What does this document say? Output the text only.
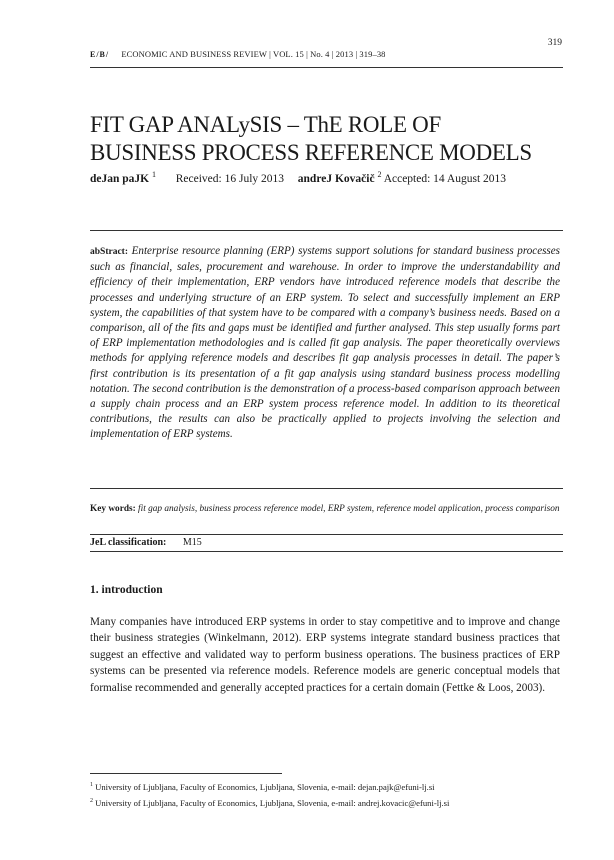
319
E/B/ ECONOMIC AND BUSINESS REVIEW | VOL. 15 | No. 4 | 2013 | 319–38
FIT GAP ANALySIS – ThE ROLE OF
BUSINESS PROCESS REFERENCE MODELS
deJan paJK $^1$ Received: 16 July 2013 andreJ Kovačič $^2$ Accepted: 14 August 2013
abStract: Enterprise resource planning (ERP) systems support solutions for standard business processes such as financial, sales, procurement and warehouse. In order to improve the understandability and efficiency of their implementation, ERP vendors have introduced reference models that describe the processes and underlying structure of an ERP system. To select and successfully implement an ERP system, the capabilities of that system have to be compared with a company’s business needs. Based on a comparison, all of the fits and gaps must be identified and further analysed. This step usually forms part of ERP implementation methodologies and is called fit gap analysis. The paper theoretically overviews methods for applying reference models and describes fit gap analysis processes in detail. The paper’s first contribution is its presentation of a fit gap analysis using standard business process modelling notation. The second contribution is the demonstration of a process-based comparison approach between a supply chain process and an ERP system process reference model. In addition to its theoretical contributions, the results can also be practically applied to projects involving the selection and implementation of ERP systems.
Key words: fit gap analysis, business process reference model, ERP system, reference model application, process comparison
JeL classification: M15
1. introduction

Many companies have introduced ERP systems in order to stay competitive and to improve and change their business strategies (Winkelmann, 2012). ERP systems integrate standard business practices that suggest an effective and validated way to perform business operations. The business practices of ERP systems can be presented via reference models. Reference models are generic conceptual models that formalise recommended and generally accepted practices for a certain domain (Fettke & Loos, 2003).

$^1$ University of Ljubljana, Faculty of Economics, Ljubljana, Slovenia, e-mail: dejan.pajk@efuni-lj.si
$^2$ University of Ljubljana, Faculty of Economics, Ljubljana, Slovenia, e-mail: andrej.kovacic@efuni-lj.si
